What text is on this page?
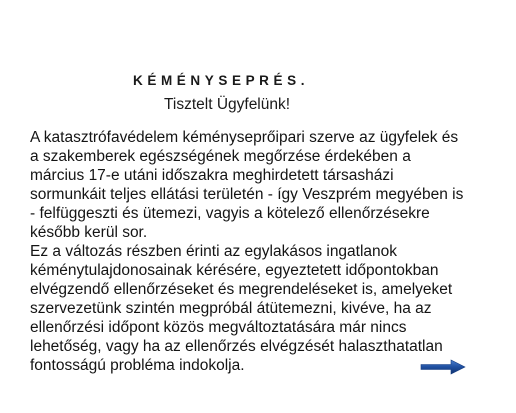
KÉMÉNYSEPRÉS.
Tisztelt Ügyfelünk!
A katasztrófavédelem kéményseprőipari szerve az ügyfelek és
a szakemberek egészségének megőrzése érdekében a
március 17-e utáni időszakra meghirdetett társasházi
sormunkáit teljes ellátási területén - így Veszprém megyében is
- felfüggeszti és ütemezi, vagyis a kötelező ellenőrzésekre
később kerül sor.
Ez a változás részben érinti az egylakásos ingatlanok
kéménytulajdonosainak kérésére, egyeztetett időpontokban
elvégzendő ellenőrzéseket és megrendeléseket is, amelyeket
szervezetünk szintén megpróbál átütemezni, kivéve, ha az
ellenőrzési időpont közös megváltoztatására már nincs
lehetőség, vagy ha az ellenőrzés elvégzését halaszthatatlan
fontosságú probléma indokolja.
